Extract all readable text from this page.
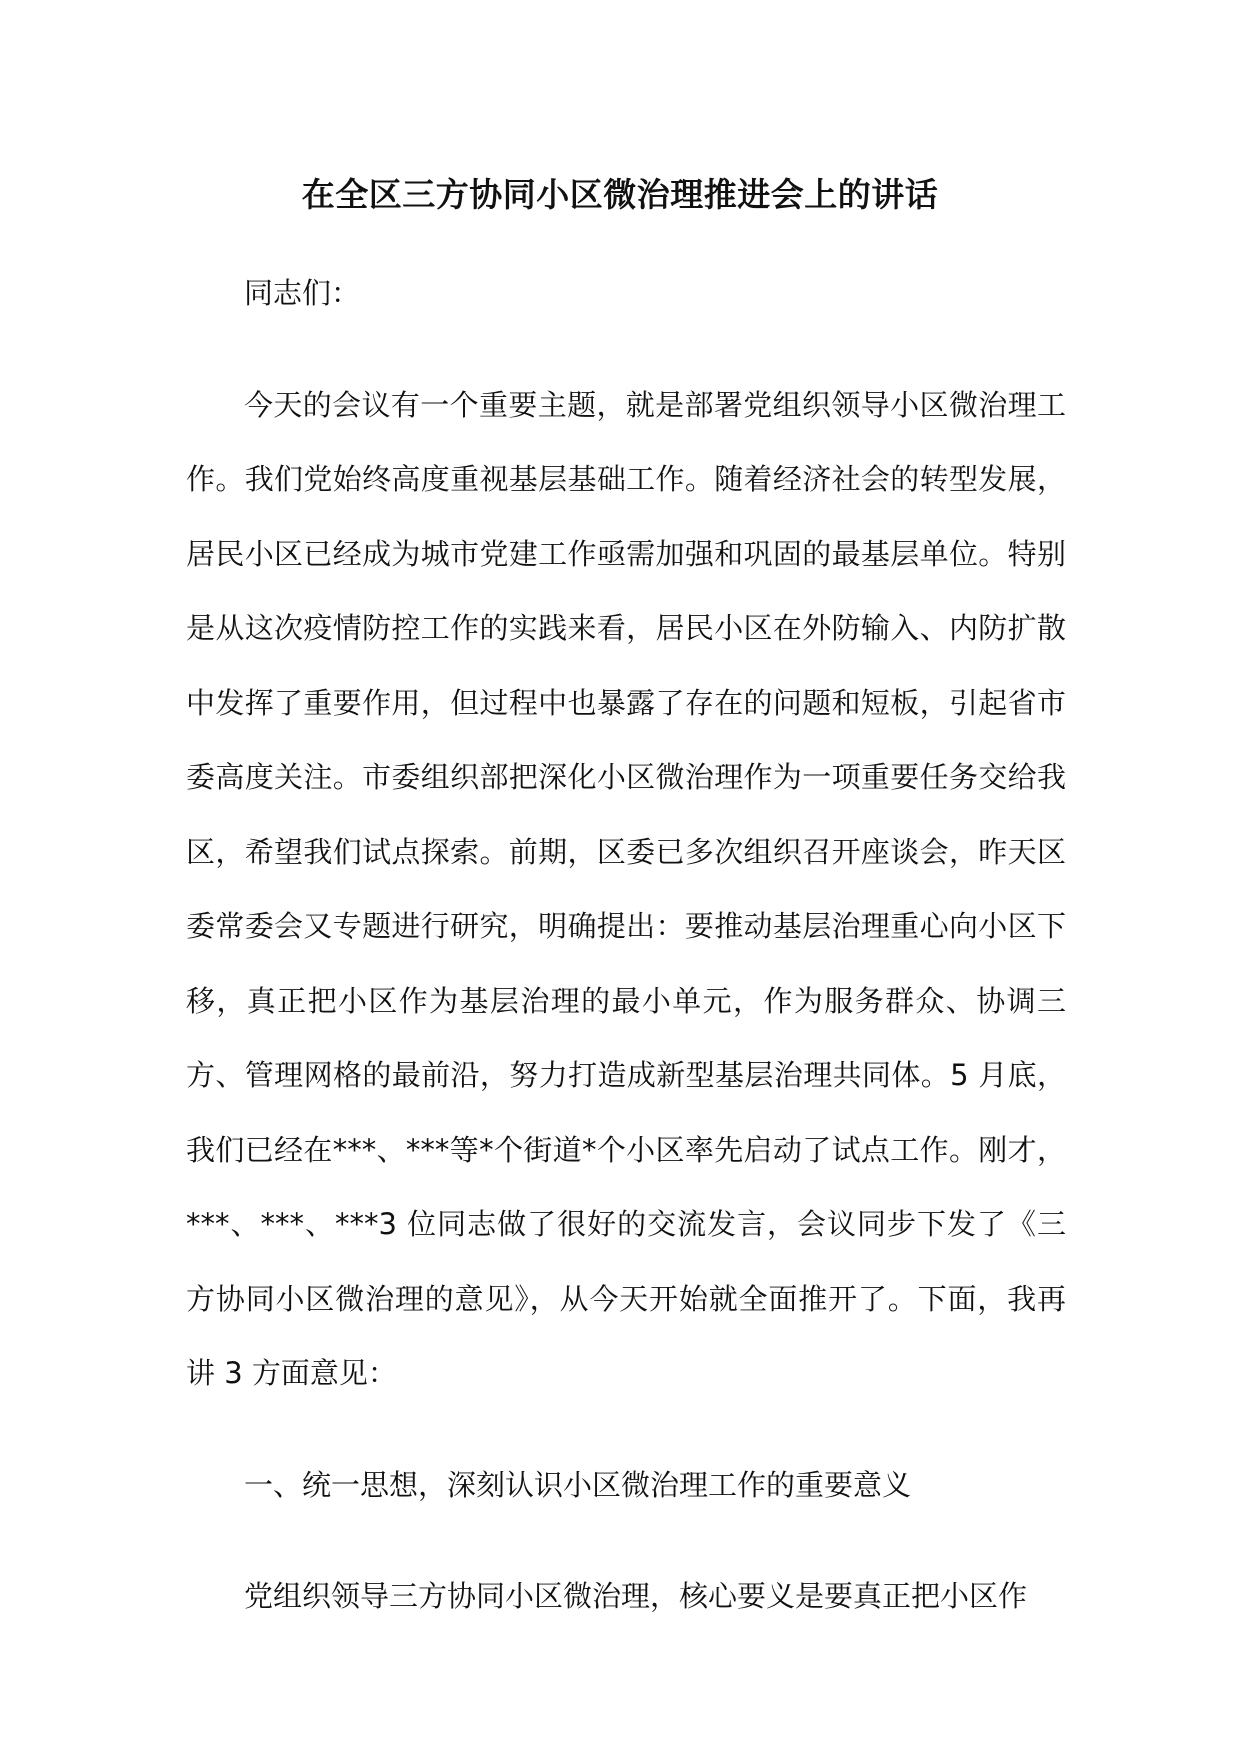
在全区三方协同小区微治理推进会上的讲话

同志们：

今天的会议有一个重要主题，就是部署党组织领导小区微治理工作。我们党始终高度重视基层基础工作。随着经济社会的转型发展，居民小区已经成为城市党建工作亟需加强和巩固的最基层单位。特别是从这次疫情防控工作的实践来看，居民小区在外防输入、内防扩散中发挥了重要作用，但过程中也暴露了存在的问题和短板，引起省市委高度关注。市委组织部把深化小区微治理作为一项重要任务交给我区，希望我们试点探索。前期，区委已多次组织召开座谈会，昨天区委常委会又专题进行研究，明确提出：要推动基层治理重心向小区下移，真正把小区作为基层治理的最小单元，作为服务群众、协调三方、管理网格的最前沿，努力打造成新型基层治理共同体。5 月底，我们已经在***、***等*个街道*个小区率先启动了试点工作。刚才，***、***、***3 位同志做了很好的交流发言，会议同步下发了《三方协同小区微治理的意见》，从今天开始就全面推开了。下面，我再讲 3 方面意见：

一、统一思想，深刻认识小区微治理工作的重要意义

党组织领导三方协同小区微治理，核心要义是要真正把小区作
